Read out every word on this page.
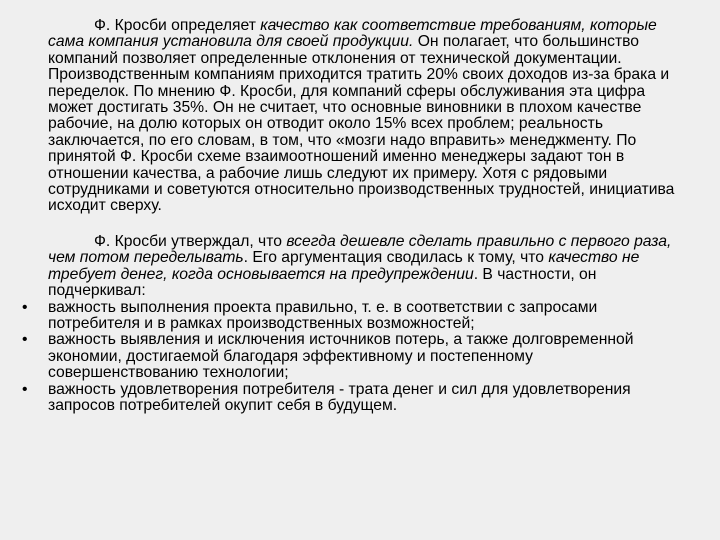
Ф. Кросби определяет качество как соответствие требованиям, которые сама компания установила для своей продукции. Он полагает, что большинство компаний позволяет определенные отклонения от технической документации. Производственным компаниям приходится тратить 20% своих доходов из-за брака и переделок. По мнению Ф. Кросби, для компаний сферы обслуживания эта цифра может достигать 35%. Он не считает, что основные виновники в плохом качестве рабочие, на долю которых он отводит около 15% всех проблем; реальность заключается, по его словам, в том, что «мозги надо вправить» менеджменту. По принятой Ф. Кросби схеме взаимоотношений именно менеджеры задают тон в отношении качества, а рабочие лишь следуют их примеру. Хотя с рядовыми сотрудниками и советуются относительно производственных трудностей, инициатива исходит сверху.

Ф. Кросби утверждал, что всегда дешевле сделать правильно с первого раза, чем потом переделывать. Его аргументация сводилась к тому, что качество не требует денег, когда основывается на предупреждении. В частности, он подчеркивал:

• важность выполнения проекта правильно, т. е. в соответствии с запросами потребителя и в рамках производственных возможностей;
• важность выявления и исключения источников потерь, а также долговременной экономии, достигаемой благодаря эффективному и постепенному совершенствованию технологии;
• важность удовлетворения потребителя - трата денег и сил для удовлетворения запросов потребителей окупит себя в будущем.
